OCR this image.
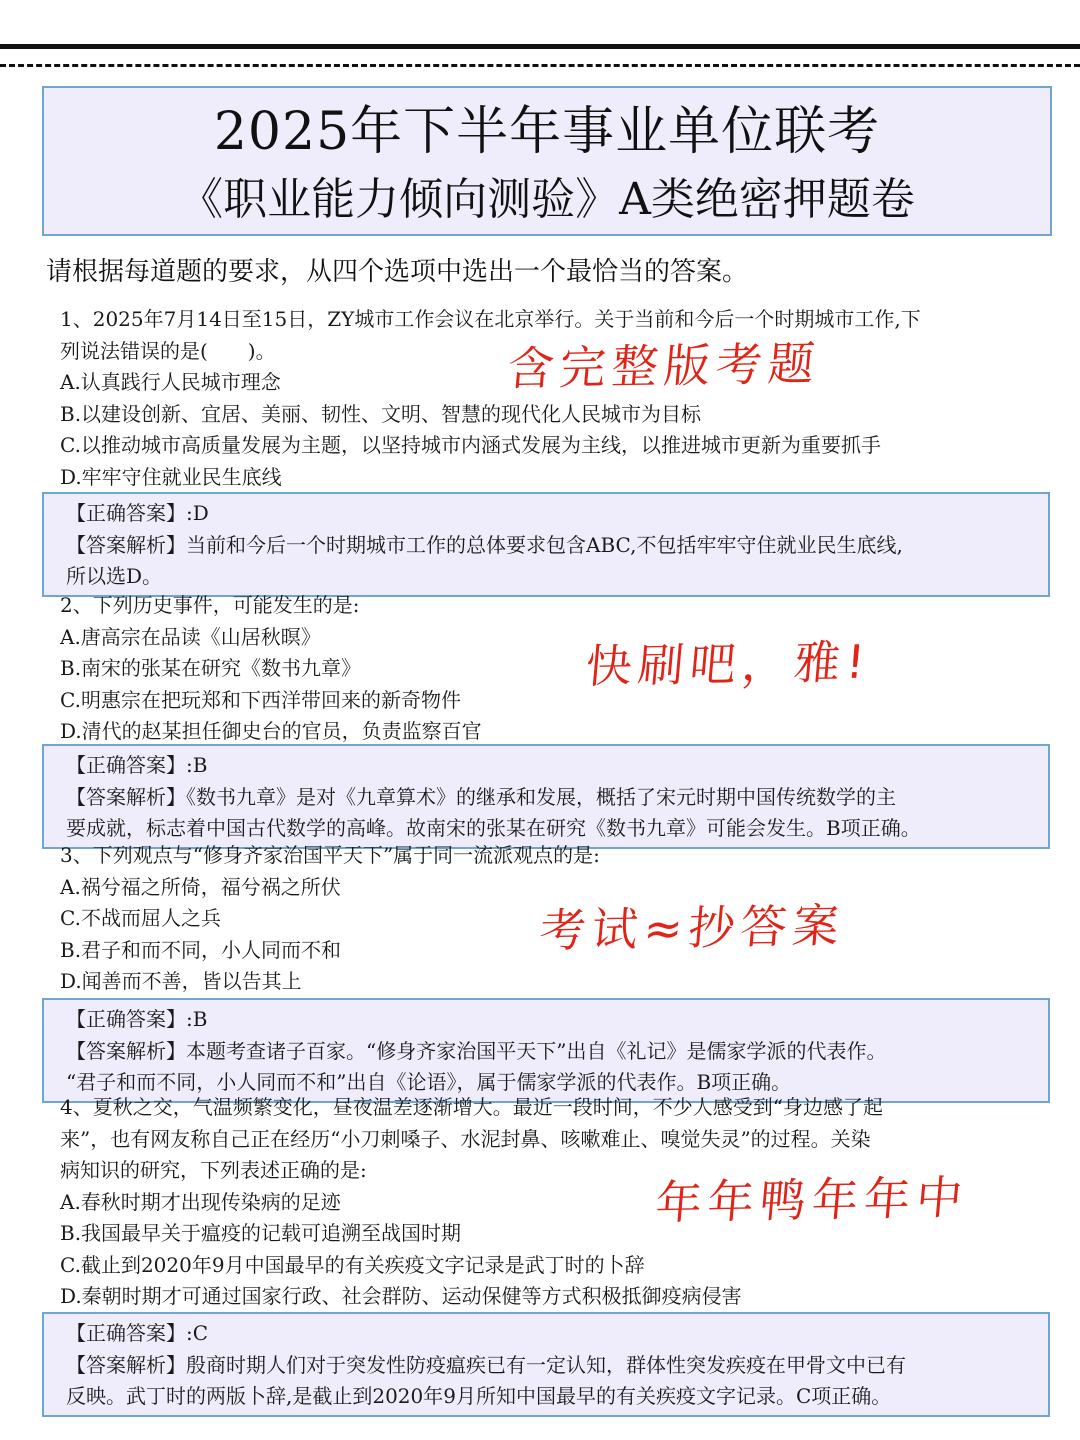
2025年下半年事业单位联考
《职业能力倾向测验》A类绝密押题卷
请根据每道题的要求，从四个选项中选出一个最恰当的答案。

1、2025年7月14日至15日，ZY城市工作会议在北京举行。关于当前和今后一个时期城市工作,下

列说法错误的是(　　)。

A.认真践行人民城市理念

B.以建设创新、宜居、美丽、韧性、文明、智慧的现代化人民城市为目标

C.以推动城市高质量发展为主题，以坚持城市内涵式发展为主线，以推进城市更新为重要抓手

D.牢牢守住就业民生底线

【正确答案】:D

【答案解析】当前和今后一个时期城市工作的总体要求包含ABC,不包括牢牢守住就业民生底线,

所以选D。

2、下列历史事件，可能发生的是:

A.唐高宗在品读《山居秋暝》

B.南宋的张某在研究《数书九章》

C.明惠宗在把玩郑和下西洋带回来的新奇物件

D.清代的赵某担任御史台的官员，负责监察百官

【正确答案】:B

【答案解析】《数书九章》是对《九章算术》的继承和发展，概括了宋元时期中国传统数学的主

要成就，标志着中国古代数学的高峰。故南宋的张某在研究《数书九章》可能会发生。B项正确。

3、下列观点与“修身齐家治国平天下”属于同一流派观点的是:

A.祸兮福之所倚，福兮祸之所伏

C.不战而屈人之兵

B.君子和而不同，小人同而不和

D.闻善而不善，皆以告其上

【正确答案】:B

【答案解析】本题考查诸子百家。“修身齐家治国平天下”出自《礼记》是儒家学派的代表作。

“君子和而不同，小人同而不和”出自《论语》，属于儒家学派的代表作。B项正确。

4、夏秋之交，气温频繁变化，昼夜温差逐渐增大。最近一段时间，不少人感受到“身边感了起

来”，也有网友称自己正在经历“小刀刺嗓子、水泥封鼻、咳嗽难止、嗅觉失灵”的过程。关染

病知识的研究，下列表述正确的是:

A.春秋时期才出现传染病的足迹

B.我国最早关于瘟疫的记载可追溯至战国时期

C.截止到2020年9月中国最早的有关疾疫文字记录是武丁时的卜辞

D.秦朝时期才可通过国家行政、社会群防、运动保健等方式积极抵御疫病侵害

【正确答案】:C

【答案解析】殷商时期人们对于突发性防疫瘟疾已有一定认知，群体性突发疾疫在甲骨文中已有

反映。武丁时的两版卜辞,是截止到2020年9月所知中国最早的有关疾疫文字记录。C项正确。

含完整版考题
快刷吧，雅!
考试≈抄答案
年年鸭年年中
